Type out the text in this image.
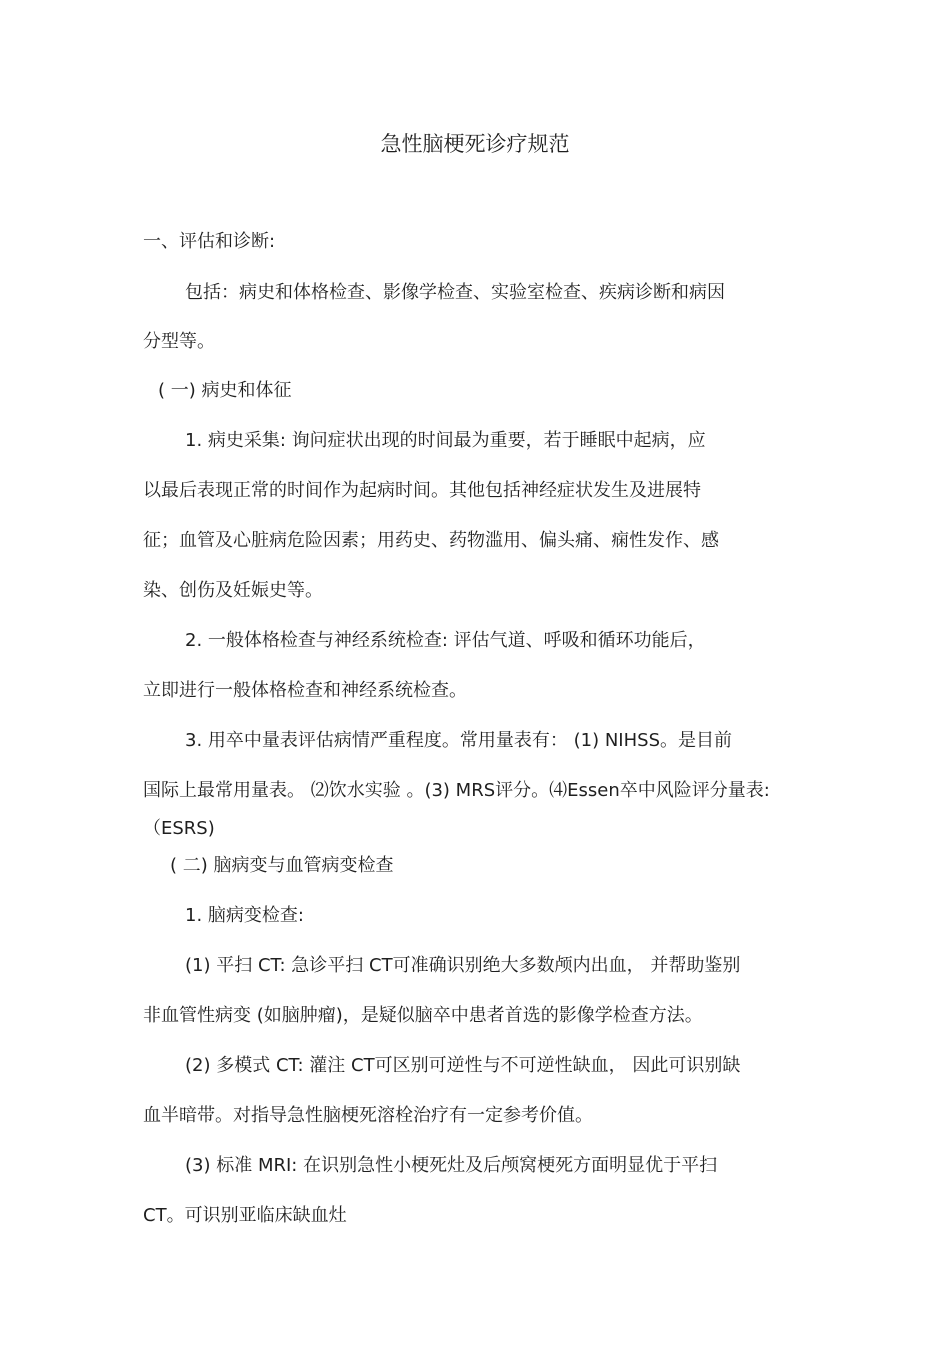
急性脑梗死诊疗规范
一、评估和诊断:
包括：病史和体格检查、影像学检查、实验室检查、疾病诊断和病因
分型等。
( 一) 病史和体征
1. 病史采集: 询问症状出现的时间最为重要，若于睡眠中起病，应
以最后表现正常的时间作为起病时间。其他包括神经症状发生及进展特
征；血管及心脏病危险因素；用药史、药物滥用、偏头痛、痫性发作、感
染、创伤及妊娠史等。
2. 一般体格检查与神经系统检查: 评估气道、呼吸和循环功能后，
立即进行一般体格检查和神经系统检查。
3. 用卒中量表评估病情严重程度。常用量表有： (1) NIHSS。是目前
国际上最常用量表。 ⑵饮水实验 。(3) MRS评分。⑷Essen卒中风险评分量表:
（ESRS)
( 二) 脑病变与血管病变检查
1. 脑病变检查:
(1) 平扫 CT: 急诊平扫 CT可准确识别绝大多数颅内出血， 并帮助鉴别
非血管性病变 (如脑肿瘤)，是疑似脑卒中患者首选的影像学检查方法。
(2) 多模式 CT: 灌注 CT可区别可逆性与不可逆性缺血， 因此可识别缺
血半暗带。对指导急性脑梗死溶栓治疗有一定参考价值。
(3) 标准 MRI: 在识别急性小梗死灶及后颅窝梗死方面明显优于平扫
CT。可识别亚临床缺血灶
